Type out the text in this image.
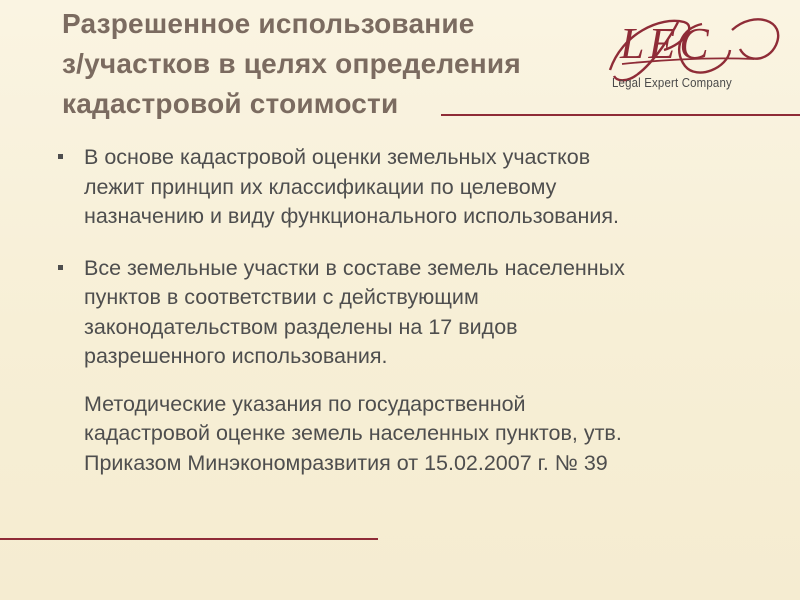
Разрешенное использование
з/участков в целях определения
кадастровой стоимости
LEC
Legal Expert Company
В основе кадастровой оценки земельных участков
лежит принцип их классификации по целевому
назначению и виду функционального использования.
Все земельные участки в составе земель населенных
пунктов в соответствии с действующим
законодательством разделены на 17 видов
разрешенного использования.
Методические указания по государственной
кадастровой оценке земель населенных пунктов, утв.
Приказом Минэкономразвития от 15.02.2007 г. № 39
